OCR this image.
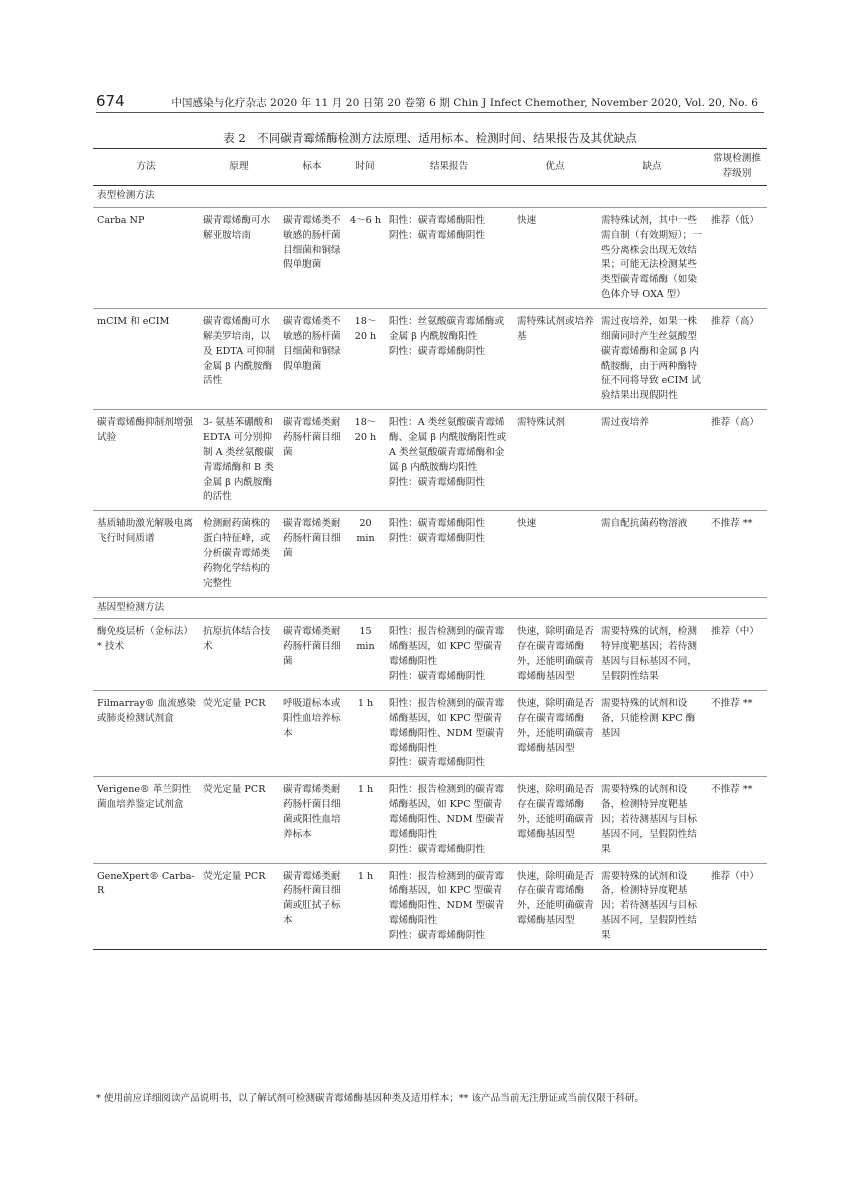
674	中国感染与化疗杂志 2020 年 11 月 20 日第 20 卷第 6 期 Chin J Infect Chemother, November 2020, Vol. 20, No. 6
表 2　不同碳青霉烯酶检测方法原理、适用标本、检测时间、结果报告及其优缺点
方法	原理	标本	时间	结果报告	优点	缺点	常规检测推荐级别
表型检测方法							
Carba NP	碳青霉烯酶可水解亚胺培南	碳青霉烯类不敏感的肠杆菌目细菌和铜绿假单胞菌	4～6 h	阳性：碳青霉烯酶阳性
阴性：碳青霉烯酶阴性	快速	需特殊试剂，其中一些需自制（有效期短）；一些分离株会出现无效结果；可能无法检测某些类型碳青霉烯酶（如染色体介导 OXA 型）	推荐（低）
mCIM 和 eCIM	碳青霉烯酶可水解美罗培南，以及 EDTA 可抑制金属 β 内酰胺酶活性	碳青霉烯类不敏感的肠杆菌目细菌和铜绿假单胞菌	18～20 h	阳性：丝氨酸碳青霉烯酶或金属 β 内酰胺酶阳性
阴性：碳青霉烯酶阴性	需特殊试剂或培养基	需过夜培养，如果一株细菌同时产生丝氨酸型碳青霉烯酶和金属 β 内酰胺酶，由于两种酶特征不同将导致 eCIM 试验结果出现假阴性	推荐（高）
碳青霉烯酶抑制剂增强试验	3- 氨基苯硼酸和 EDTA 可分别抑制 A 类丝氨酸碳青霉烯酶和 B 类金属 β 内酰胺酶的活性	碳青霉烯类耐药肠杆菌目细菌	18～20 h	阳性：A 类丝氨酸碳青霉烯酶、金属 β 内酰胺酶阳性或 A 类丝氨酸碳青霉烯酶和金属 β 内酰胺酶均阳性
阴性：碳青霉烯酶阴性	需特殊试剂	需过夜培养	推荐（高）
基质辅助激光解吸电离飞行时间质谱	检测耐药菌株的蛋白特征峰，或分析碳青霉烯类药物化学结构的完整性	碳青霉烯类耐药肠杆菌目细菌	20 min	阳性：碳青霉烯酶阳性
阴性：碳青霉烯酶阴性	快速	需自配抗菌药物溶液	不推荐 **
基因型检测方法							
酶免疫层析（金标法）* 技术	抗原抗体结合技术	碳青霉烯类耐药肠杆菌目细菌	15 min	阳性：报告检测到的碳青霉烯酶基因，如 KPC 型碳青霉烯酶阳性
阴性：碳青霉烯酶阴性	快速，除明确是否存在碳青霉烯酶外，还能明确碳青霉烯酶基因型	需要特殊的试剂，检测特异度靶基因；若待测基因与目标基因不同，呈假阴性结果	推荐（中）
Filmarray® 血流感染或肺炎检测试剂盒	荧光定量 PCR	呼吸道标本或阳性血培养标本	1 h	阳性：报告检测到的碳青霉烯酶基因，如 KPC 型碳青霉烯酶阳性、NDM 型碳青霉烯酶阳性
阴性：碳青霉烯酶阴性	快速，除明确是否存在碳青霉烯酶外，还能明确碳青霉烯酶基因型	需要特殊的试剂和设备，只能检测 KPC 酶基因	不推荐 **
Verigene® 革兰阴性菌血培养鉴定试剂盒	荧光定量 PCR	碳青霉烯类耐药肠杆菌目细菌或阳性血培养标本	1 h	阳性：报告检测到的碳青霉烯酶基因，如 KPC 型碳青霉烯酶阳性、NDM 型碳青霉烯酶阳性
阴性：碳青霉烯酶阴性	快速，除明确是否存在碳青霉烯酶外，还能明确碳青霉烯酶基因型	需要特殊的试剂和设备，检测特异度靶基因；若待测基因与目标基因不同，呈假阴性结果	不推荐 **
GeneXpert® Carba-R	荧光定量 PCR	碳青霉烯类耐药肠杆菌目细菌或肛拭子标本	1 h	阳性：报告检测到的碳青霉烯酶基因，如 KPC 型碳青霉烯酶阳性、NDM 型碳青霉烯酶阳性
阴性：碳青霉烯酶阴性	快速，除明确是否存在碳青霉烯酶外，还能明确碳青霉烯酶基因型	需要特殊的试剂和设备，检测特异度靶基因；若待测基因与目标基因不同，呈假阴性结果	推荐（中）
* 使用前应详细阅读产品说明书，以了解试剂可检测碳青霉烯酶基因种类及适用样本；** 该产品当前无注册证或当前仅限于科研。
